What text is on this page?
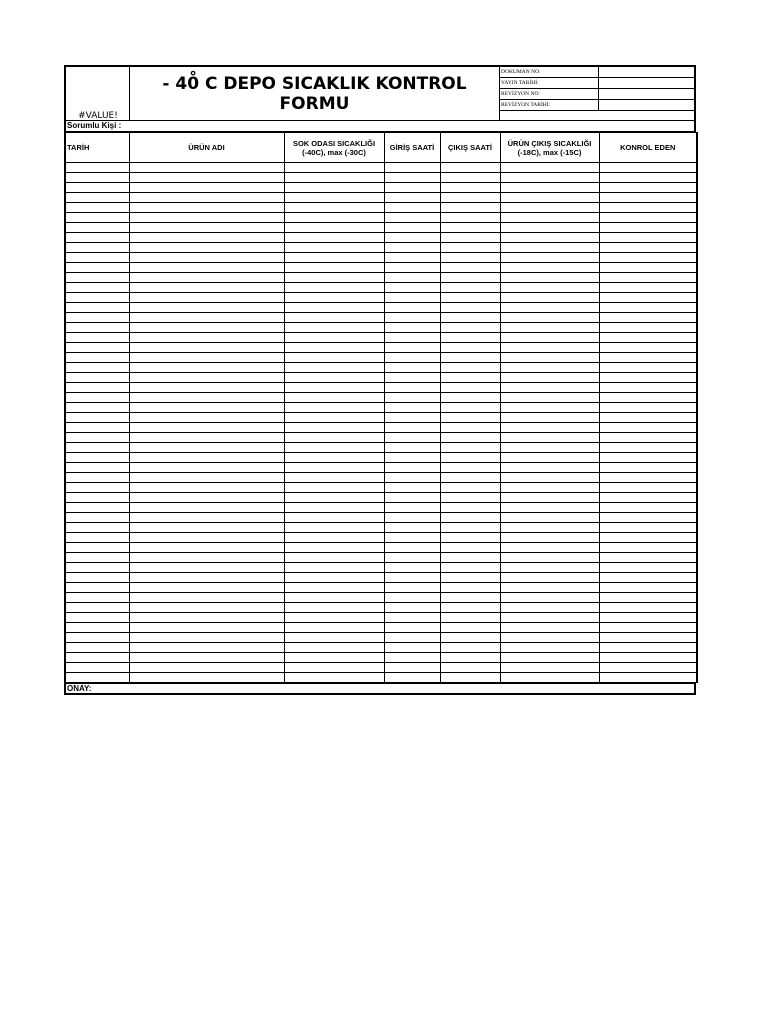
#VALUE!
- 40̊ C DEPO SICAKLIK KONTROL FORMU
DOKUMAN NO:
YAYIN TARİHİ:
REVİZYON NO:
REVİZYON TARİHİ:
Sorumlu Kişi :
TARİH	ÜRÜN ADI	SOK ODASI SICAKLIĞI (-40C), max (-30C)	GİRİŞ SAATİ	ÇIKIŞ SAATİ	ÜRÜN ÇIKIŞ SICAKLIĞI (-18C), max (-15C)	KONROL EDEN

ONAY:
